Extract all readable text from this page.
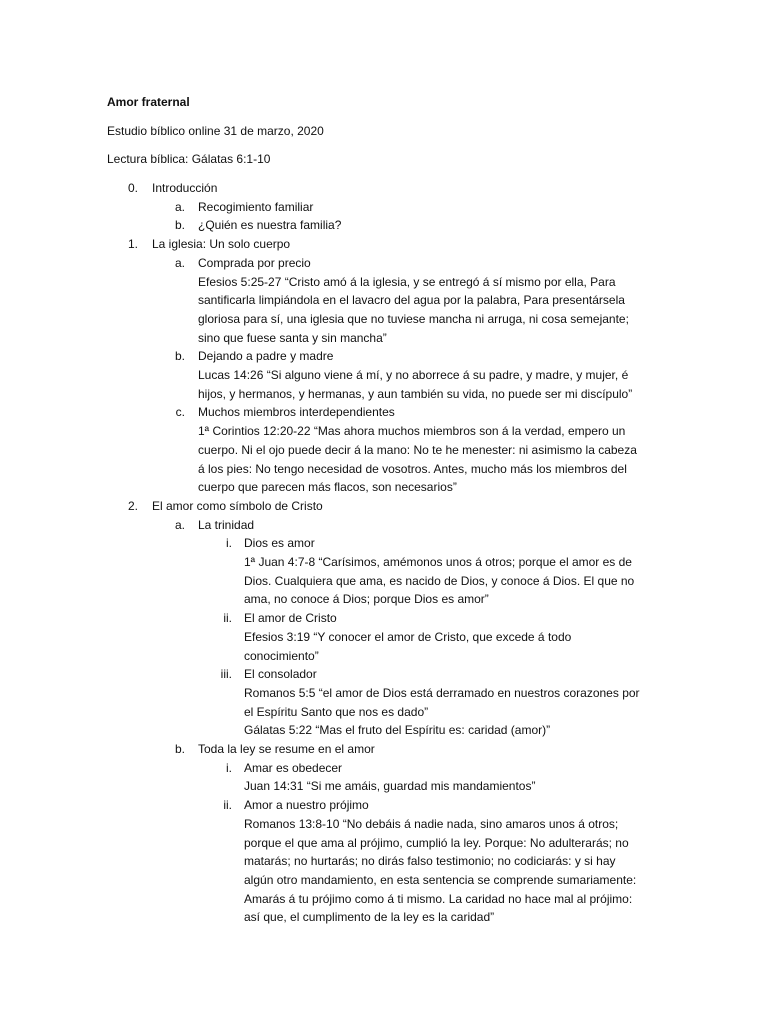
Amor fraternal
Estudio bíblico online 31 de marzo, 2020
Lectura bíblica: Gálatas 6:1-10
0. Introducción
a. Recogimiento familiar
b. ¿Quién es nuestra familia?
1. La iglesia: Un solo cuerpo
a. Comprada por precio
Efesios 5:25-27 “Cristo amó á la iglesia, y se entregó á sí mismo por ella, Para
santificarla limpiándola en el lavacro del agua por la palabra, Para presentársela
gloriosa para sí, una iglesia que no tuviese mancha ni arruga, ni cosa semejante;
sino que fuese santa y sin mancha”
b. Dejando a padre y madre
Lucas 14:26 “Si alguno viene á mí, y no aborrece á su padre, y madre, y mujer, é
hijos, y hermanos, y hermanas, y aun también su vida, no puede ser mi discípulo”
c. Muchos miembros interdependientes
1ª Corintios 12:20-22 “Mas ahora muchos miembros son á la verdad, empero un
cuerpo. Ni el ojo puede decir á la mano: No te he menester: ni asimismo la cabeza
á los pies: No tengo necesidad de vosotros. Antes, mucho más los miembros del
cuerpo que parecen más flacos, son necesarios”
2. El amor como símbolo de Cristo
a. La trinidad
i. Dios es amor
1ª Juan 4:7-8 “Carísimos, amémonos unos á otros; porque el amor es de
Dios. Cualquiera que ama, es nacido de Dios, y conoce á Dios. El que no
ama, no conoce á Dios; porque Dios es amor”
ii. El amor de Cristo
Efesios 3:19 “Y conocer el amor de Cristo, que excede á todo
conocimiento”
iii. El consolador
Romanos 5:5 “el amor de Dios está derramado en nuestros corazones por
el Espíritu Santo que nos es dado”
Gálatas 5:22 “Mas el fruto del Espíritu es: caridad (amor)”
b. Toda la ley se resume en el amor
i. Amar es obedecer
Juan 14:31 “Si me amáis, guardad mis mandamientos”
ii. Amor a nuestro prójimo
Romanos 13:8-10 “No debáis á nadie nada, sino amaros unos á otros;
porque el que ama al prójimo, cumplió la ley. Porque: No adulterarás; no
matarás; no hurtarás; no dirás falso testimonio; no codiciarás: y si hay
algún otro mandamiento, en esta sentencia se comprende sumariamente:
Amarás á tu prójimo como á ti mismo. La caridad no hace mal al prójimo:
así que, el cumplimento de la ley es la caridad”
